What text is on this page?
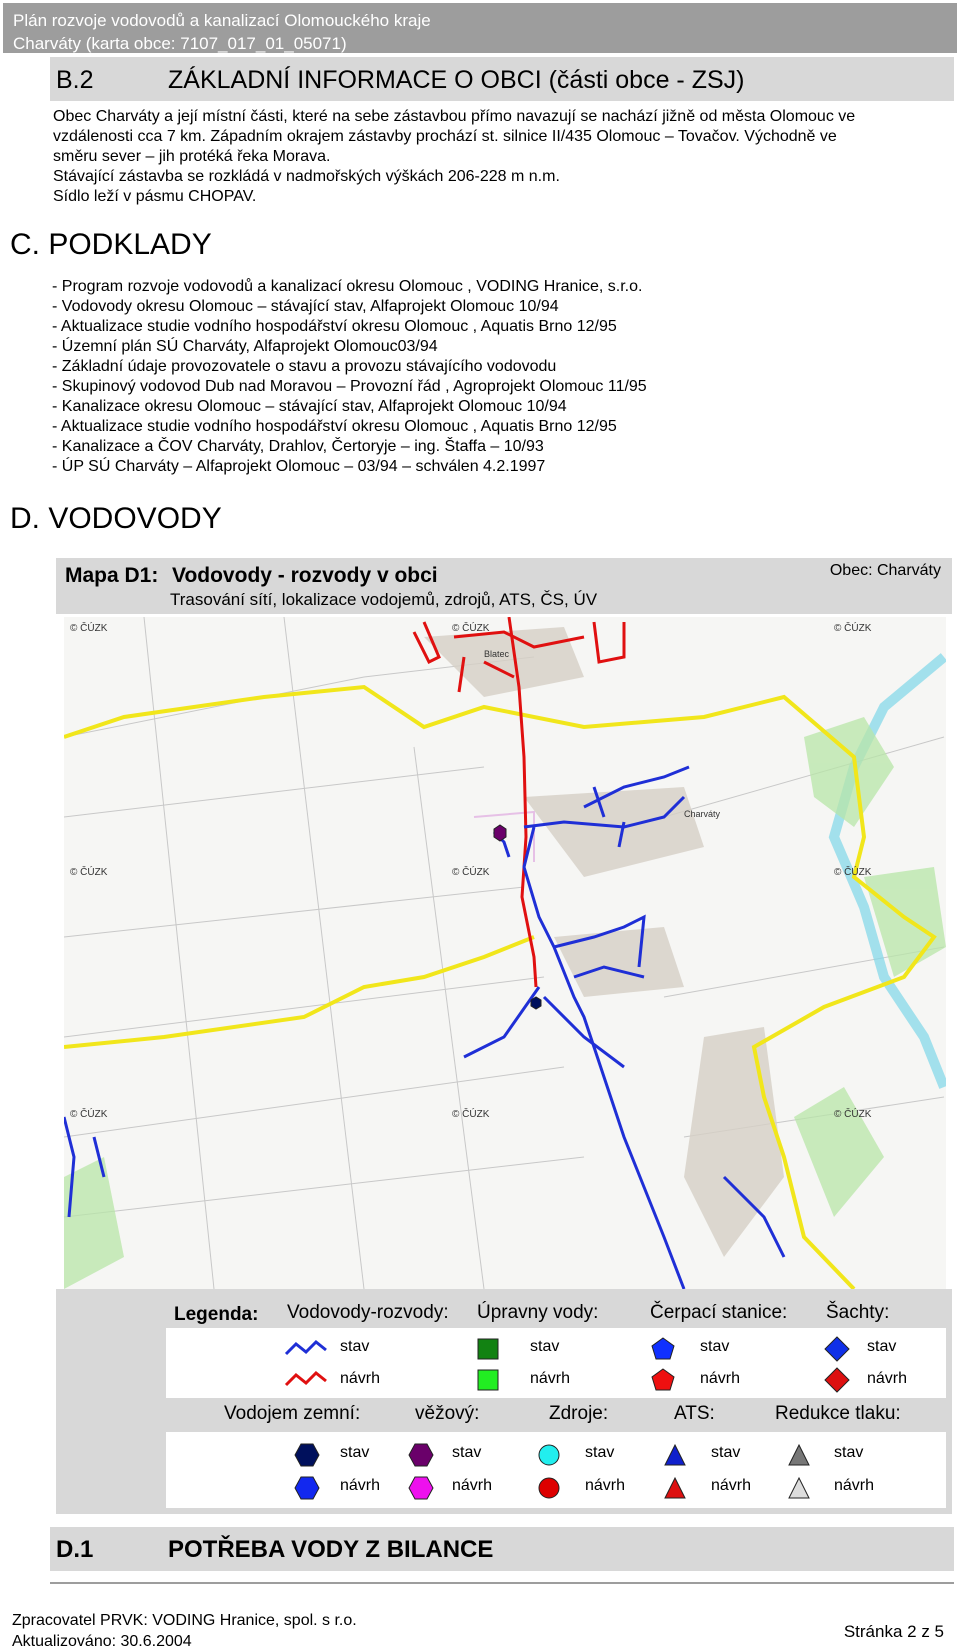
Plán rozvoje vodovodů a kanalizací Olomouckého kraje
Charváty (karta obce: 7107_017_01_05071)
B.2	ZÁKLADNÍ INFORMACE O OBCI (části obce - ZSJ)
Obec Charváty a její místní části, které na sebe zástavbou přímo navazují se nachází jižně od města Olomouc ve
vzdálenosti cca 7 km. Západním okrajem zástavby prochází st. silnice II/435 Olomouc – Tovačov. Východně ve
směru sever – jih protéká řeka Morava.
Stávající zástavba se rozkládá v nadmořských výškách 206-228 m n.m.
Sídlo leží v pásmu CHOPAV.
C. PODKLADY
- Program rozvoje vodovodů a kanalizací okresu Olomouc , VODING Hranice, s.r.o.
- Vodovody okresu Olomouc – stávající stav, Alfaprojekt Olomouc 10/94
- Aktualizace studie vodního hospodářství okresu Olomouc , Aquatis Brno 12/95
- Územní plán SÚ Charváty, Alfaprojekt Olomouc03/94
- Základní údaje provozovatele o stavu a provozu stávajícího vodovodu
- Skupinový vodovod Dub nad Moravou – Provozní řád , Agroprojekt Olomouc 11/95
- Kanalizace okresu Olomouc – stávající stav, Alfaprojekt Olomouc 10/94
- Aktualizace studie vodního hospodářství okresu Olomouc , Aquatis Brno 12/95
- Kanalizace a ČOV Charváty, Drahlov, Čertoryje – ing. Štaffa – 10/93
- ÚP SÚ Charváty – Alfaprojekt Olomouc – 03/94 – schválen 4.2.1997
D. VODOVODY
Mapa D1: Vodovody - rozvody v obci
Trasování sítí, lokalizace vodojemů, zdrojů, ATS, ČS, ÚV
Obec: Charváty
© ČÚZK	© ČÚZK	© ČÚZK
© ČÚZK	© ČÚZK	© ČÚZK
© ČÚZK	© ČÚZK	© ČÚZK
Blatec
Charváty
Legenda: Vodovody-rozvody: Úpravny vody:	Čerpací stanice: Šachty:
stav
návrh
stav
návrh
stav
návrh
stav
návrh
Vodojem zemní:	věžový:	Zdroje:	ATS:	Redukce tlaku:
stav
návrh
stav
návrh
stav
návrh
stav
návrh
stav
návrh
D.1	POTŘEBA VODY Z BILANCE
Zpracovatel PRVK: VODING Hranice, spol. s r.o.
Aktualizováno: 30.6.2004
Stránka 2 z 5
